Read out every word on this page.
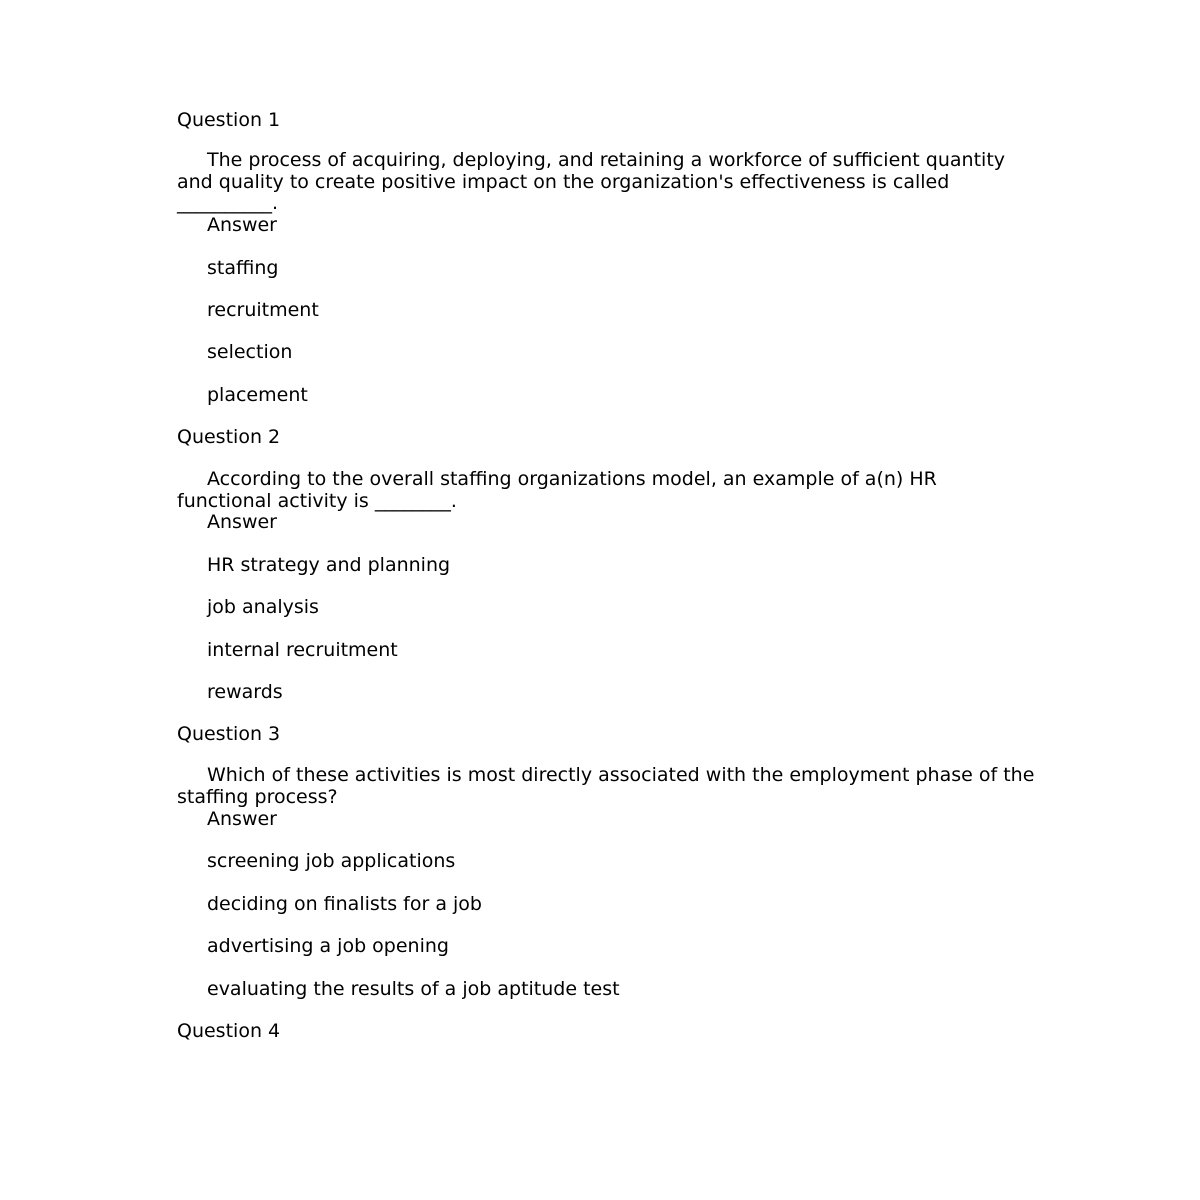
Question 1

The process of acquiring, deploying, and retaining a workforce of sufficient quantity and quality to create positive impact on the organization's effectiveness is called __________.

Answer
staffing
recruitment
selection
placement
Question 2

According to the overall staffing organizations model, an example of a(n) HR functional activity is ________.

Answer
HR strategy and planning
job analysis
internal recruitment
rewards
Question 3

Which of these activities is most directly associated with the employment phase of the staffing process?

Answer
screening job applications
deciding on finalists for a job
advertising a job opening
evaluating the results of a job aptitude test
Question 4
